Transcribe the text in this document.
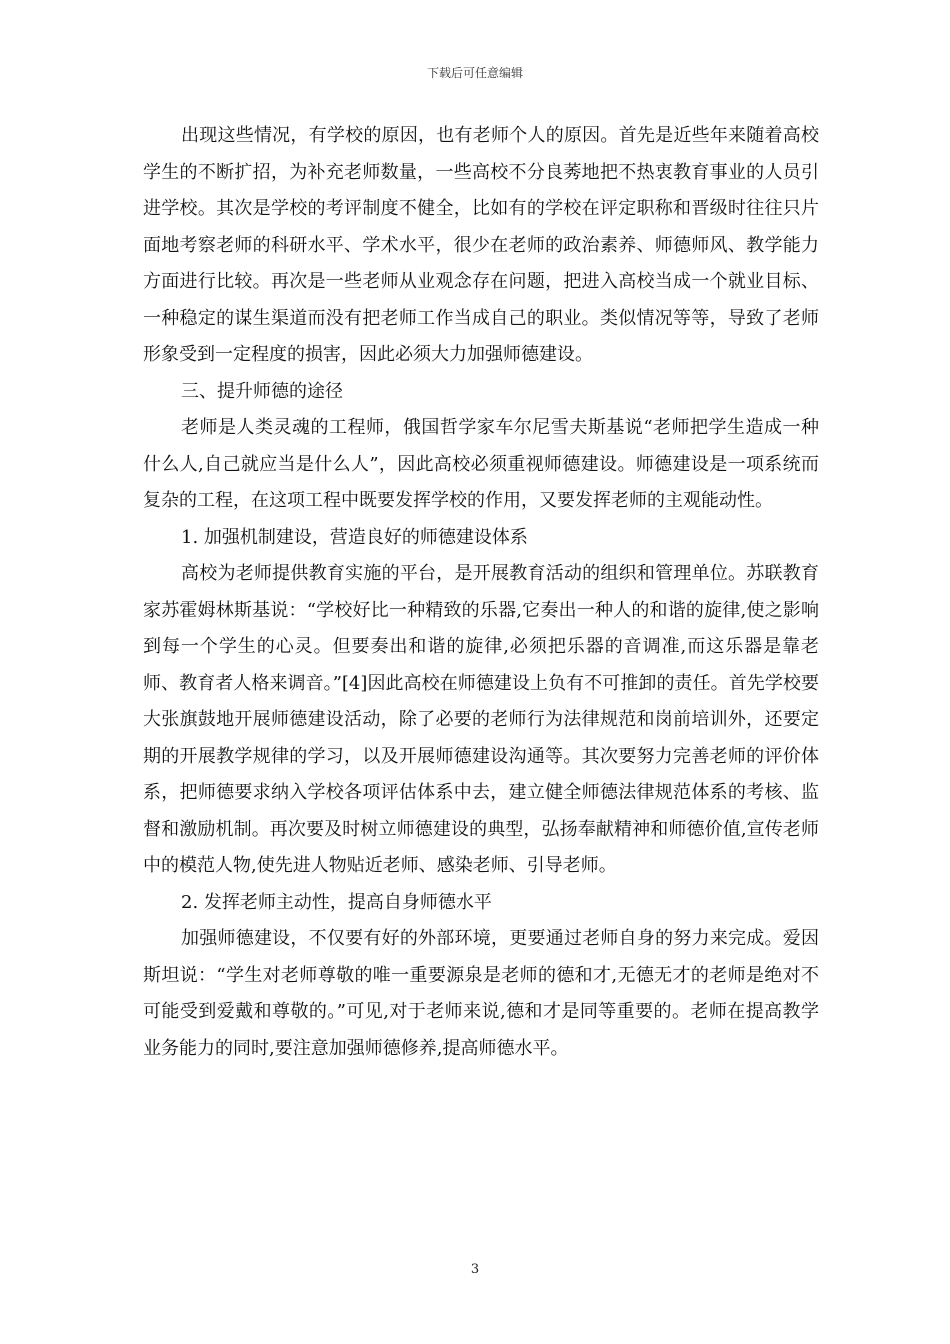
下载后可任意编辑

出现这些情况，有学校的原因，也有老师个人的原因。首先是近些年来随着高校学生的不断扩招，为补充老师数量，一些高校不分良莠地把不热衷教育事业的人员引进学校。其次是学校的考评制度不健全，比如有的学校在评定职称和晋级时往往只片面地考察老师的科研水平、学术水平，很少在老师的政治素养、师德师风、教学能力方面进行比较。再次是一些老师从业观念存在问题，把进入高校当成一个就业目标、一种稳定的谋生渠道而没有把老师工作当成自己的职业。类似情况等等，导致了老师形象受到一定程度的损害，因此必须大力加强师德建设。

三、提升师德的途径

老师是人类灵魂的工程师，俄国哲学家车尔尼雪夫斯基说“老师把学生造成一种什么人,自己就应当是什么人”，因此高校必须重视师德建设。师德建设是一项系统而复杂的工程，在这项工程中既要发挥学校的作用，又要发挥老师的主观能动性。

1. 加强机制建设，营造良好的师德建设体系

高校为老师提供教育实施的平台，是开展教育活动的组织和管理单位。苏联教育家苏霍姆林斯基说：“学校好比一种精致的乐器,它奏出一种人的和谐的旋律,使之影响到每一个学生的心灵。但要奏出和谐的旋律,必须把乐器的音调准,而这乐器是靠老师、教育者人格来调音。”[4]因此高校在师德建设上负有不可推卸的责任。首先学校要大张旗鼓地开展师德建设活动，除了必要的老师行为法律规范和岗前培训外，还要定期的开展教学规律的学习，以及开展师德建设沟通等。其次要努力完善老师的评价体系，把师德要求纳入学校各项评估体系中去，建立健全师德法律规范体系的考核、监督和激励机制。再次要及时树立师德建设的典型，弘扬奉献精神和师德价值,宣传老师中的模范人物,使先进人物贴近老师、感染老师、引导老师。

2. 发挥老师主动性，提高自身师德水平

加强师德建设，不仅要有好的外部环境，更要通过老师自身的努力来完成。爱因斯坦说：“学生对老师尊敬的唯一重要源泉是老师的德和才,无德无才的老师是绝对不可能受到爱戴和尊敬的。”可见,对于老师来说,德和才是同等重要的。老师在提高教学业务能力的同时,要注意加强师德修养,提高师德水平。

3
